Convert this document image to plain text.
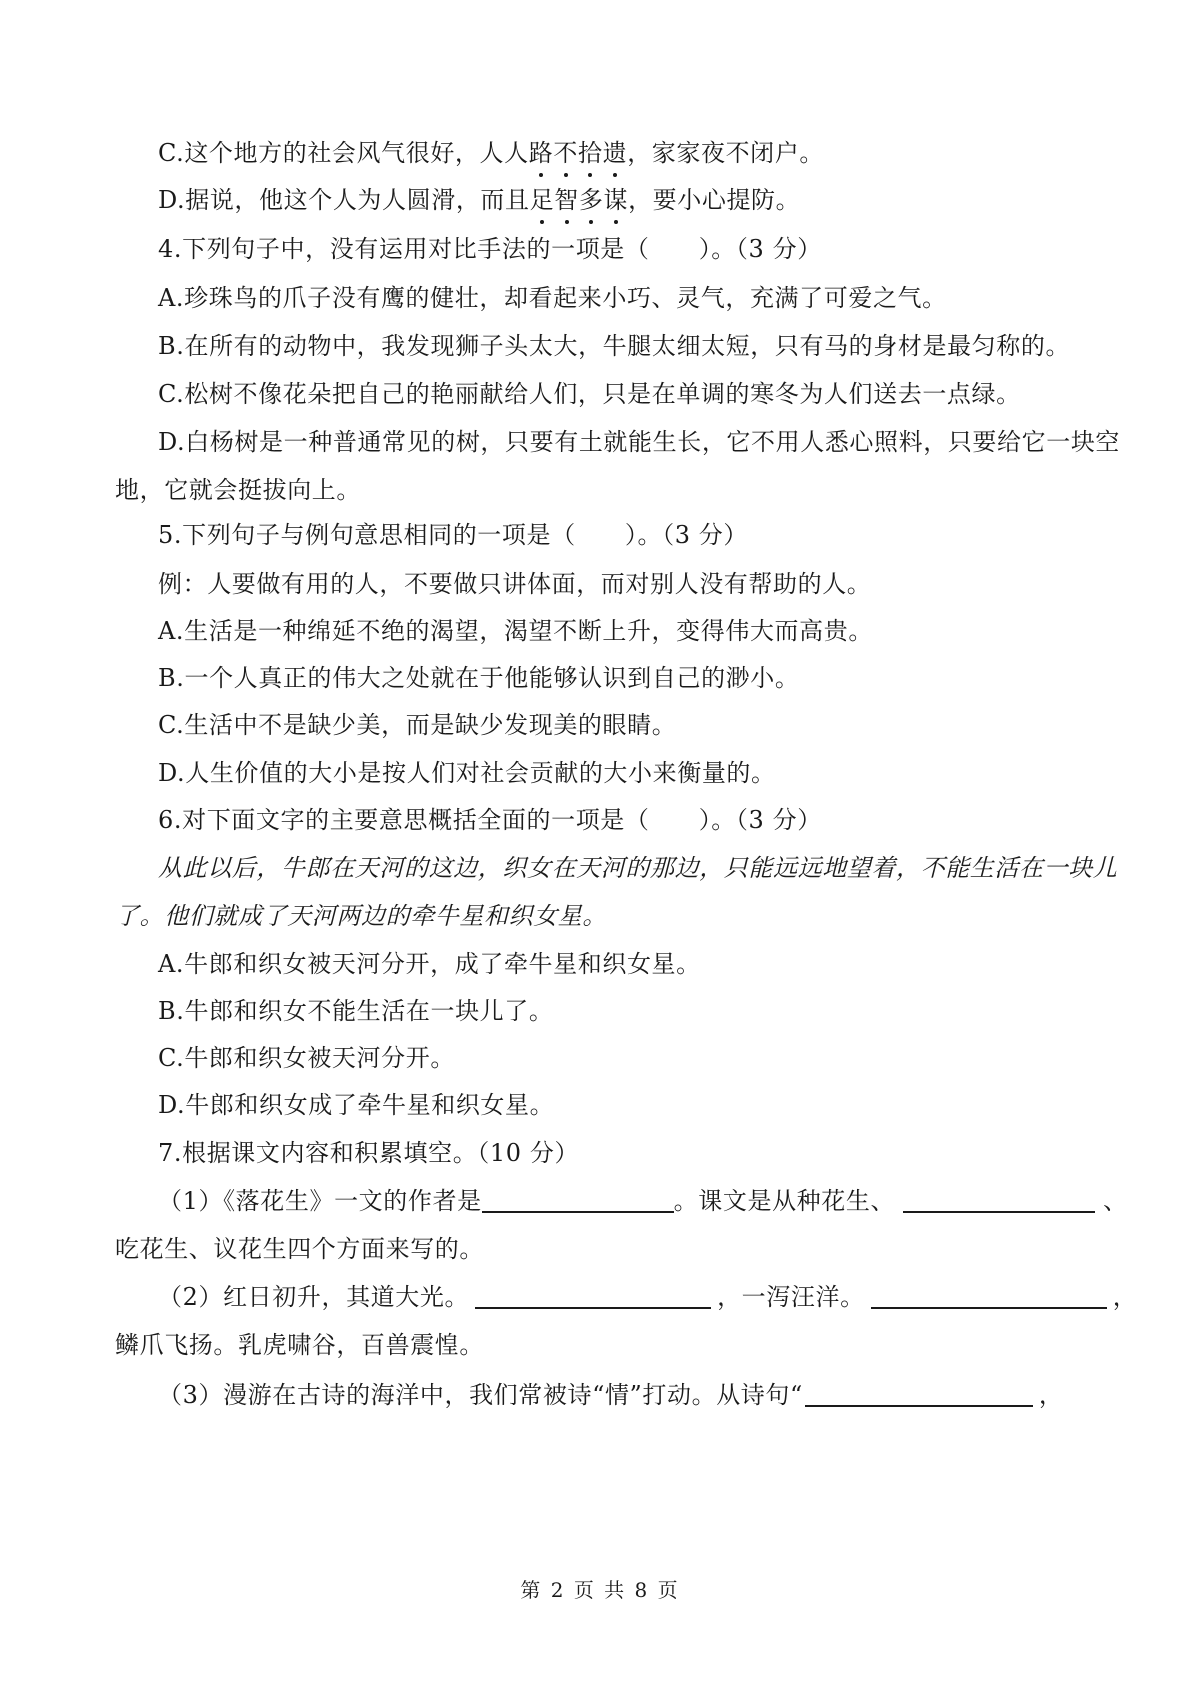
C.这个地方的社会风气很好，人人路不拾遗，家家夜不闭户。
D.据说，他这个人为人圆滑，而且足智多谋，要小心提防。
4.下列句子中，没有运用对比手法的一项是（　　）。（3 分）
A.珍珠鸟的爪子没有鹰的健壮，却看起来小巧、灵气，充满了可爱之气。
B.在所有的动物中，我发现狮子头太大，牛腿太细太短，只有马的身材是最匀称的。
C.松树不像花朵把自己的艳丽献给人们，只是在单调的寒冬为人们送去一点绿。
D.白杨树是一种普通常见的树，只要有土就能生长，它不用人悉心照料，只要给它一块空
地，它就会挺拔向上。
5.下列句子与例句意思相同的一项是（　　）。（3 分）
例：人要做有用的人，不要做只讲体面，而对别人没有帮助的人。
A.生活是一种绵延不绝的渴望，渴望不断上升，变得伟大而高贵。
B.一个人真正的伟大之处就在于他能够认识到自己的渺小。
C.生活中不是缺少美，而是缺少发现美的眼睛。
D.人生价值的大小是按人们对社会贡献的大小来衡量的。
6.对下面文字的主要意思概括全面的一项是（　　）。（3 分）
从此以后，牛郎在天河的这边，织女在天河的那边，只能远远地望着，不能生活在一块儿
了。他们就成了天河两边的牵牛星和织女星。
A.牛郎和织女被天河分开，成了牵牛星和织女星。
B.牛郎和织女不能生活在一块儿了。
C.牛郎和织女被天河分开。
D.牛郎和织女成了牵牛星和织女星。
7.根据课文内容和积累填空。（10 分）
（1）《落花生》一文的作者是	。课文是从种花生、	、
吃花生、议花生四个方面来写的。
（2）红日初升，其道大光。	，一泻汪洋。	，
鳞爪飞扬。乳虎啸谷，百兽震惶。
（3）漫游在古诗的海洋中，我们常被诗“情”打动。从诗句“	，
第 2 页 共 8 页
